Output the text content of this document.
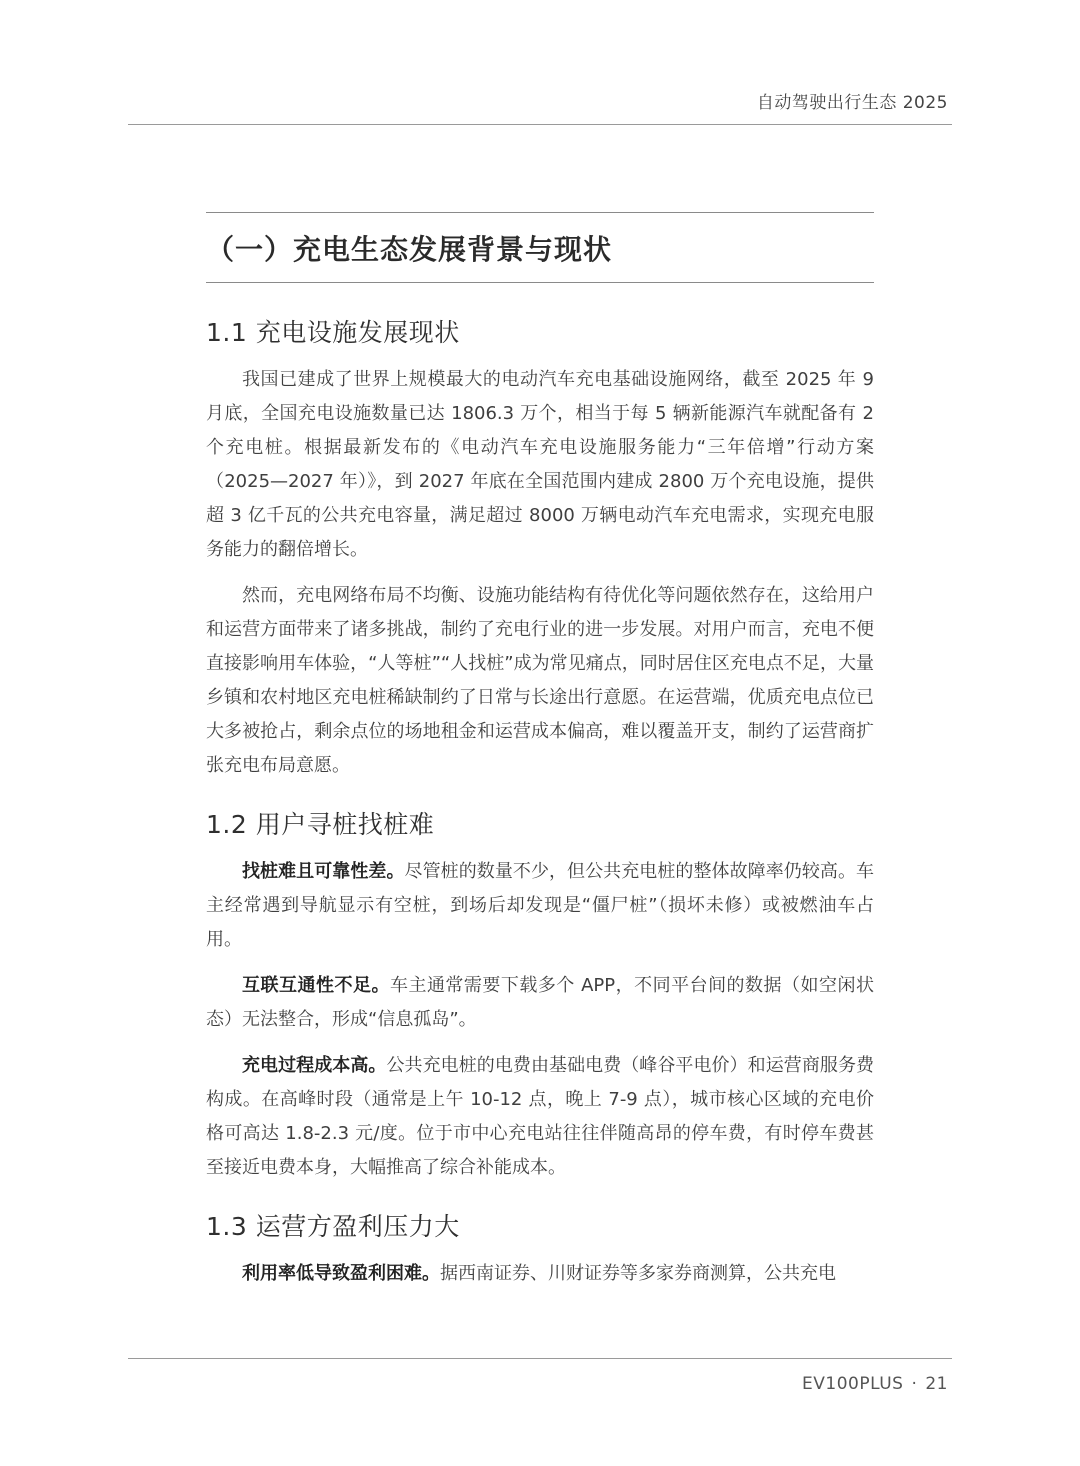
自动驾驶出行生态 2025
（一）充电生态发展背景与现状
1.1 充电设施发展现状

我国已建成了世界上规模最大的电动汽车充电基础设施网络，截至 2025 年 9 月底，全国充电设施数量已达 1806.3 万个，相当于每 5 辆新能源汽车就配备有 2 个充电桩。根据最新发布的《电动汽车充电设施服务能力“三年倍增”行动方案（2025—2027 年）》，到 2027 年底在全国范围内建成 2800 万个充电设施，提供超 3 亿千瓦的公共充电容量，满足超过 8000 万辆电动汽车充电需求，实现充电服务能力的翻倍增长。

然而，充电网络布局不均衡、设施功能结构有待优化等问题依然存在，这给用户和运营方面带来了诸多挑战，制约了充电行业的进一步发展。对用户而言，充电不便直接影响用车体验，“人等桩”“人找桩”成为常见痛点，同时居住区充电点不足，大量乡镇和农村地区充电桩稀缺制约了日常与长途出行意愿。在运营端，优质充电点位已大多被抢占，剩余点位的场地租金和运营成本偏高，难以覆盖开支，制约了运营商扩张充电布局意愿。

1.2 用户寻桩找桩难

找桩难且可靠性差。尽管桩的数量不少，但公共充电桩的整体故障率仍较高。车主经常遇到导航显示有空桩，到场后却发现是“僵尸桩”（损坏未修）或被燃油车占用。

互联互通性不足。车主通常需要下载多个 APP，不同平台间的数据（如空闲状态）无法整合，形成“信息孤岛”。

充电过程成本高。公共充电桩的电费由基础电费（峰谷平电价）和运营商服务费构成。在高峰时段（通常是上午 10-12 点，晚上 7-9 点），城市核心区域的充电价格可高达 1.8-2.3 元/度。位于市中心充电站往往伴随高昂的停车费，有时停车费甚至接近电费本身，大幅推高了综合补能成本。

1.3 运营方盈利压力大

利用率低导致盈利困难。据西南证券、川财证券等多家券商测算，公共充电

EV100PLUS · 21
